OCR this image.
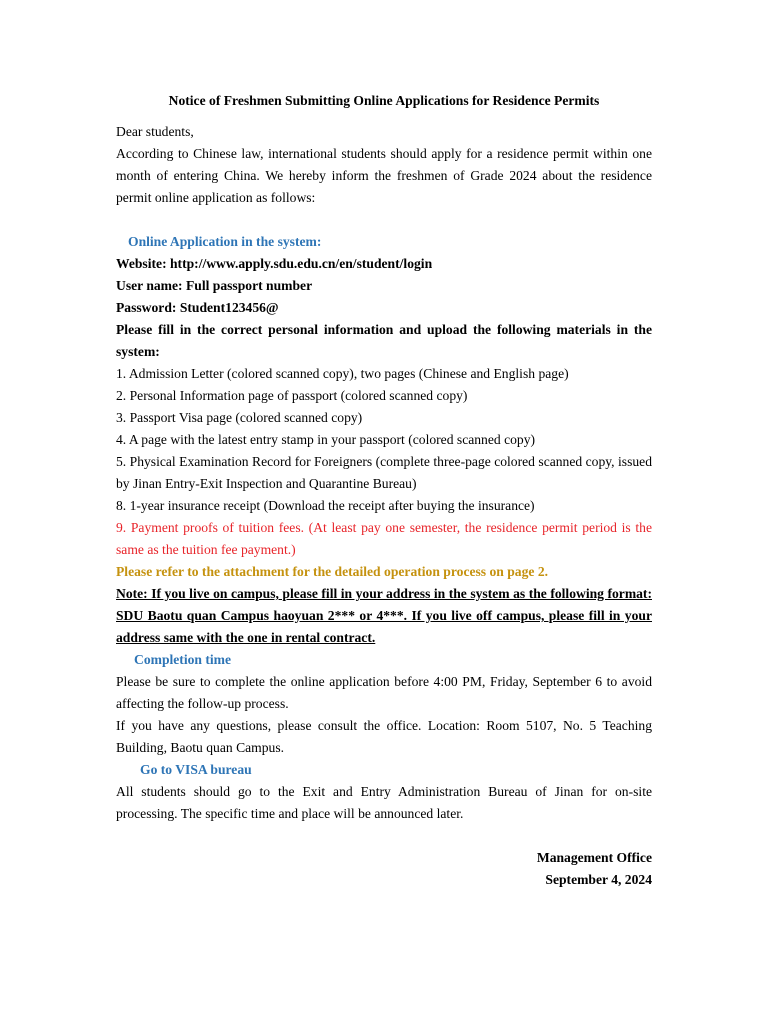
Notice of Freshmen Submitting Online Applications for Residence Permits

Dear students,

According to Chinese law, international students should apply for a residence permit within one month of entering China. We hereby inform the freshmen of Grade 2024 about the residence permit online application as follows:

Online Application in the system:

Website: http://www.apply.sdu.edu.cn/en/student/login

User name: Full passport number

Password: Student123456@

Please fill in the correct personal information and upload the following materials in the system:

1. Admission Letter (colored scanned copy), two pages (Chinese and English page)

2. Personal Information page of passport (colored scanned copy)

3. Passport Visa page (colored scanned copy)

4. A page with the latest entry stamp in your passport (colored scanned copy)

5. Physical Examination Record for Foreigners (complete three-page colored scanned copy, issued by Jinan Entry-Exit Inspection and Quarantine Bureau)

8. 1-year insurance receipt (Download the receipt after buying the insurance)

9. Payment proofs of tuition fees. (At least pay one semester, the residence permit period is the same as the tuition fee payment.)

Please refer to the attachment for the detailed operation process on page 2.

Note: If you live on campus, please fill in your address in the system as the following format: SDU Baotu quan Campus haoyuan 2*** or 4***. If you live off campus, please fill in your address same with the one in rental contract.

Completion time

Please be sure to complete the online application before 4:00 PM, Friday, September 6 to avoid affecting the follow-up process.

If you have any questions, please consult the office. Location: Room 5107, No. 5 Teaching Building, Baotu quan Campus.

Go to VISA bureau

All students should go to the Exit and Entry Administration Bureau of Jinan for on-site processing. The specific time and place will be announced later.

Management Office

September 4, 2024
